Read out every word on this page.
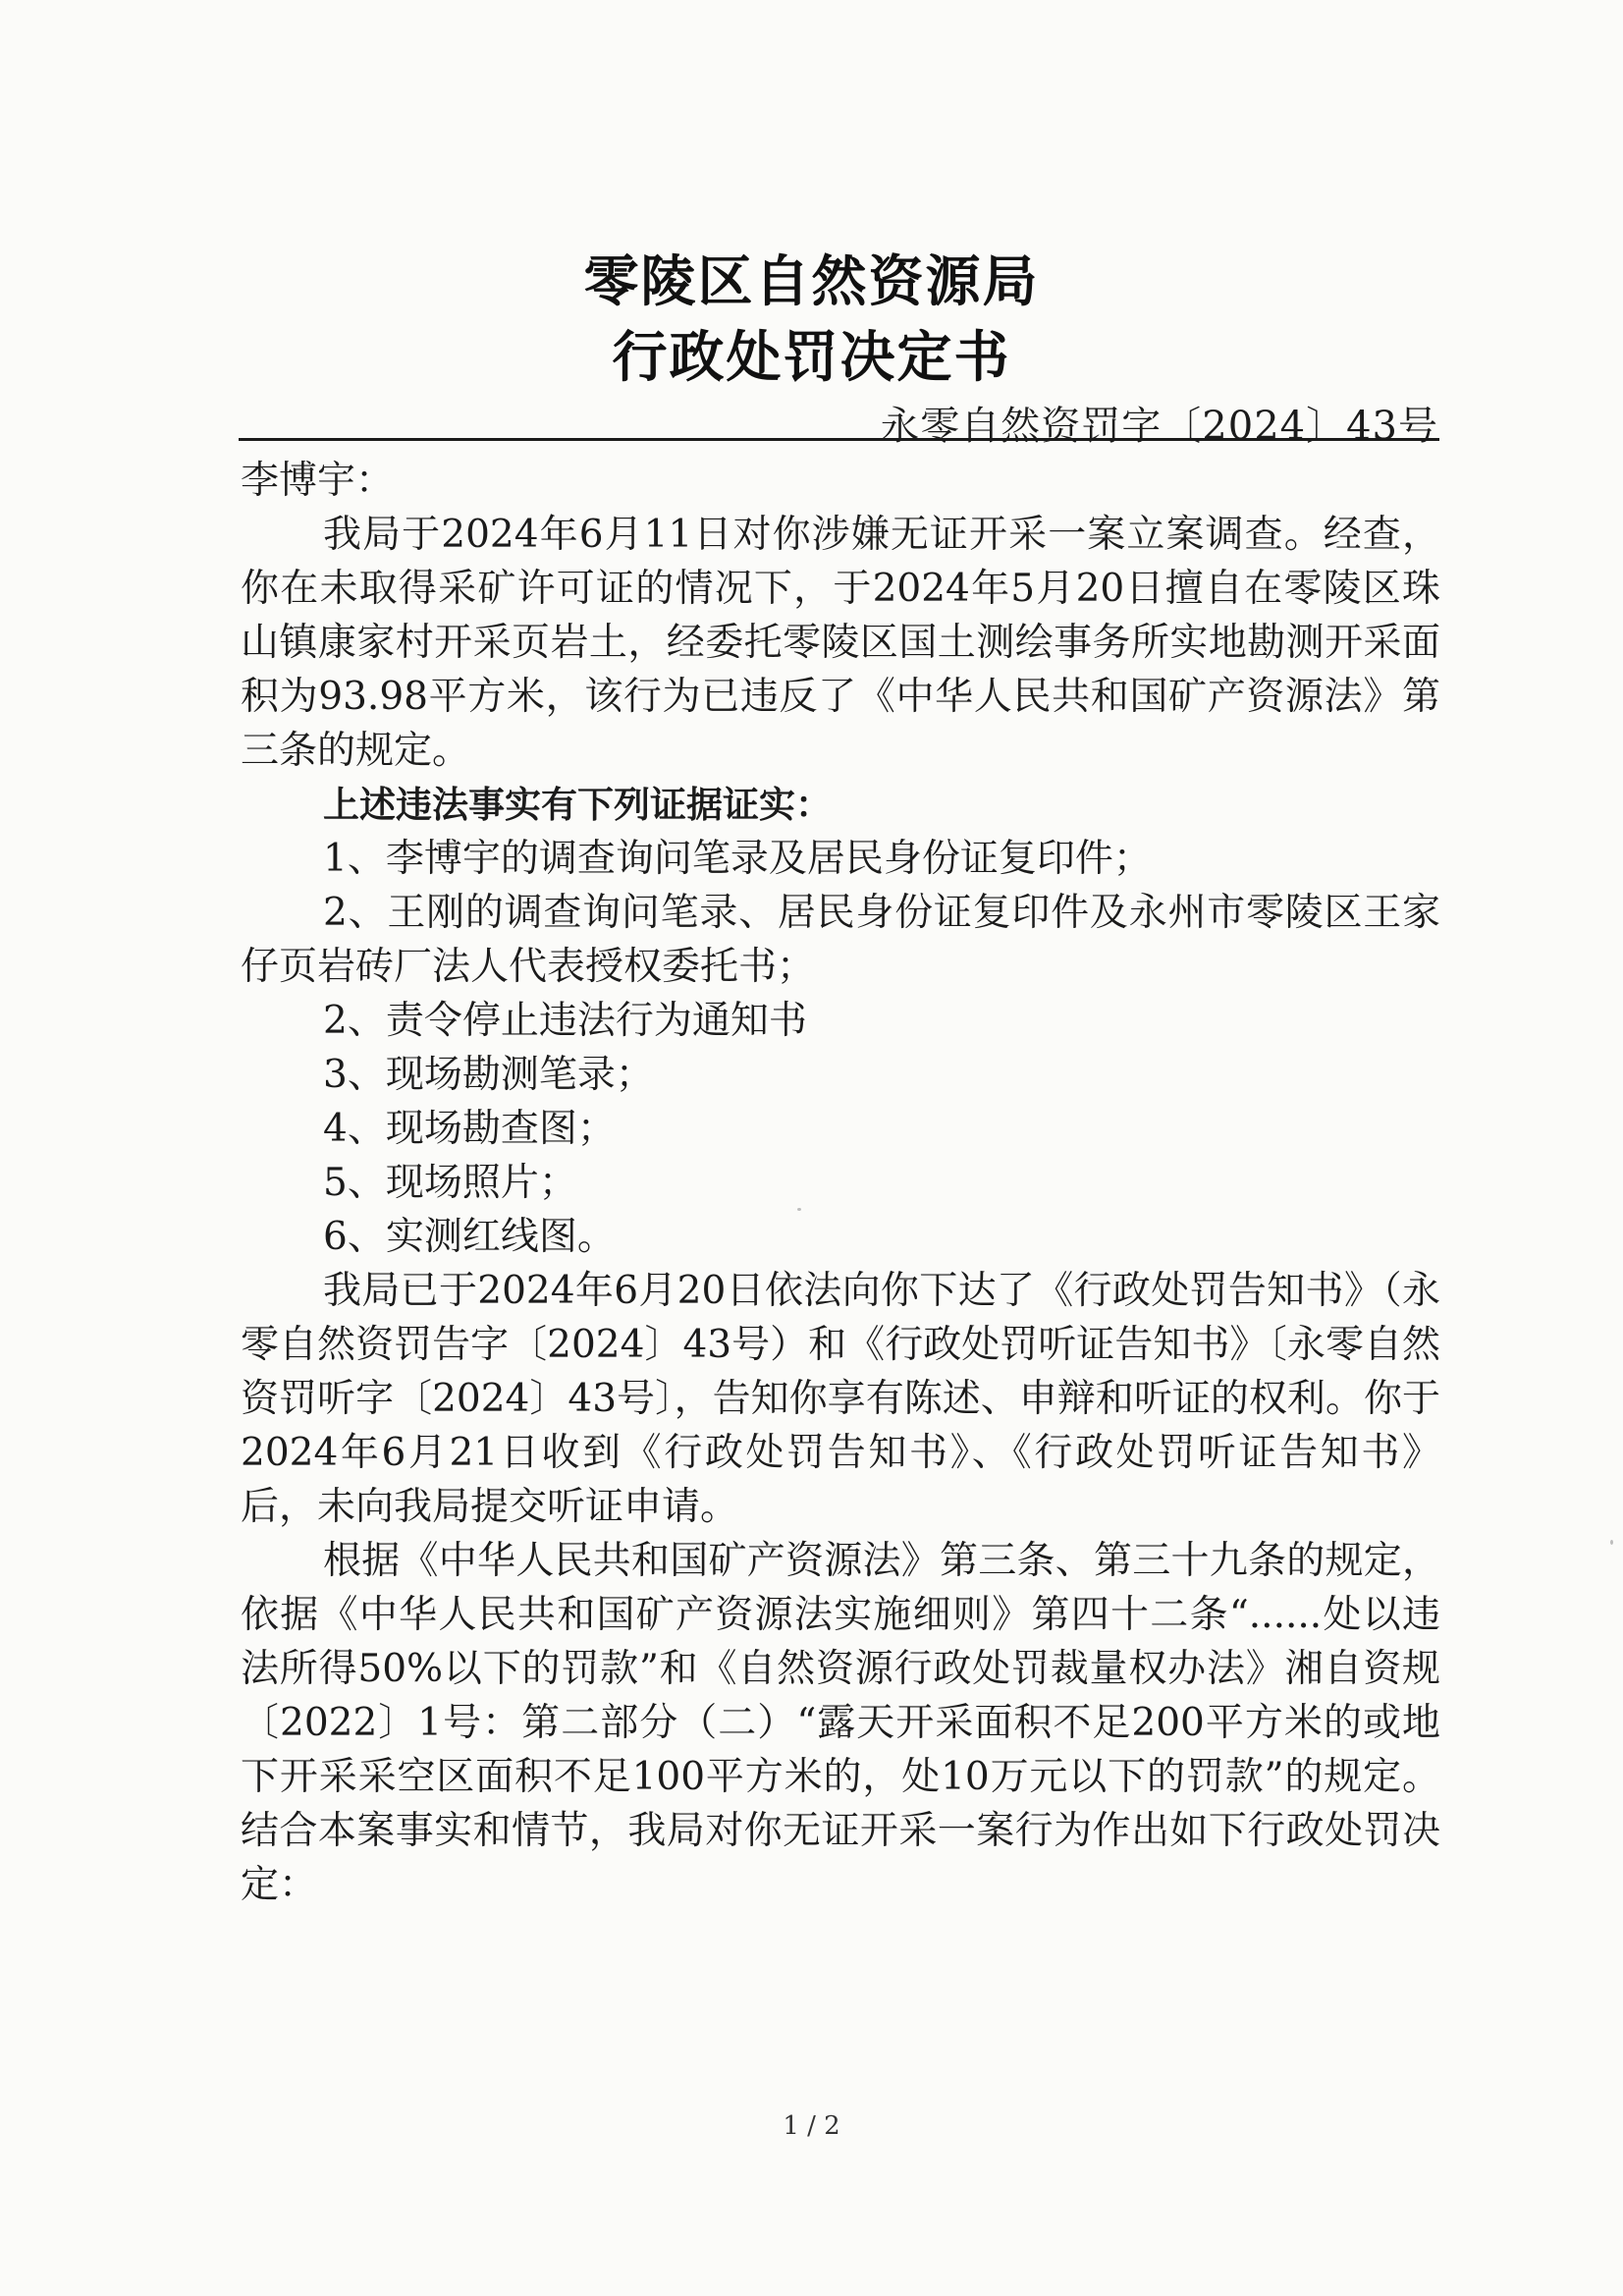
零陵区自然资源局
行政处罚决定书
永零自然资罚字〔2024〕43号

李博宇：

我局于2024年6月11日对你涉嫌无证开采一案立案调查。经查，你在未取得采矿许可证的情况下，于2024年5月20日擅自在零陵区珠山镇康家村开采页岩土，经委托零陵区国土测绘事务所实地勘测开采面积为93.98平方米，该行为已违反了《中华人民共和国矿产资源法》第三条的规定。

上述违法事实有下列证据证实：

1、李博宇的调查询问笔录及居民身份证复印件；

2、王刚的调查询问笔录、居民身份证复印件及永州市零陵区王家仔页岩砖厂法人代表授权委托书；

2、责令停止违法行为通知书

3、现场勘测笔录；

4、现场勘查图；

5、现场照片；

6、实测红线图。

我局已于2024年6月20日依法向你下达了《行政处罚告知书》（永零自然资罚告字〔2024〕43号）和《行政处罚听证告知书》〔永零自然资罚听字〔2024〕43号〕，告知你享有陈述、申辩和听证的权利。你于2024年6月21日收到《行政处罚告知书》、《行政处罚听证告知书》后，未向我局提交听证申请。

根据《中华人民共和国矿产资源法》第三条、第三十九条的规定，依据《中华人民共和国矿产资源法实施细则》第四十二条“......处以违法所得50%以下的罚款”和《自然资源行政处罚裁量权办法》湘自资规〔2022〕1号：第二部分（二）“露天开采面积不足200平方米的或地下开采采空区面积不足100平方米的，处10万元以下的罚款”的规定。结合本案事实和情节，我局对你无证开采一案行为作出如下行政处罚决定：

1 / 2
